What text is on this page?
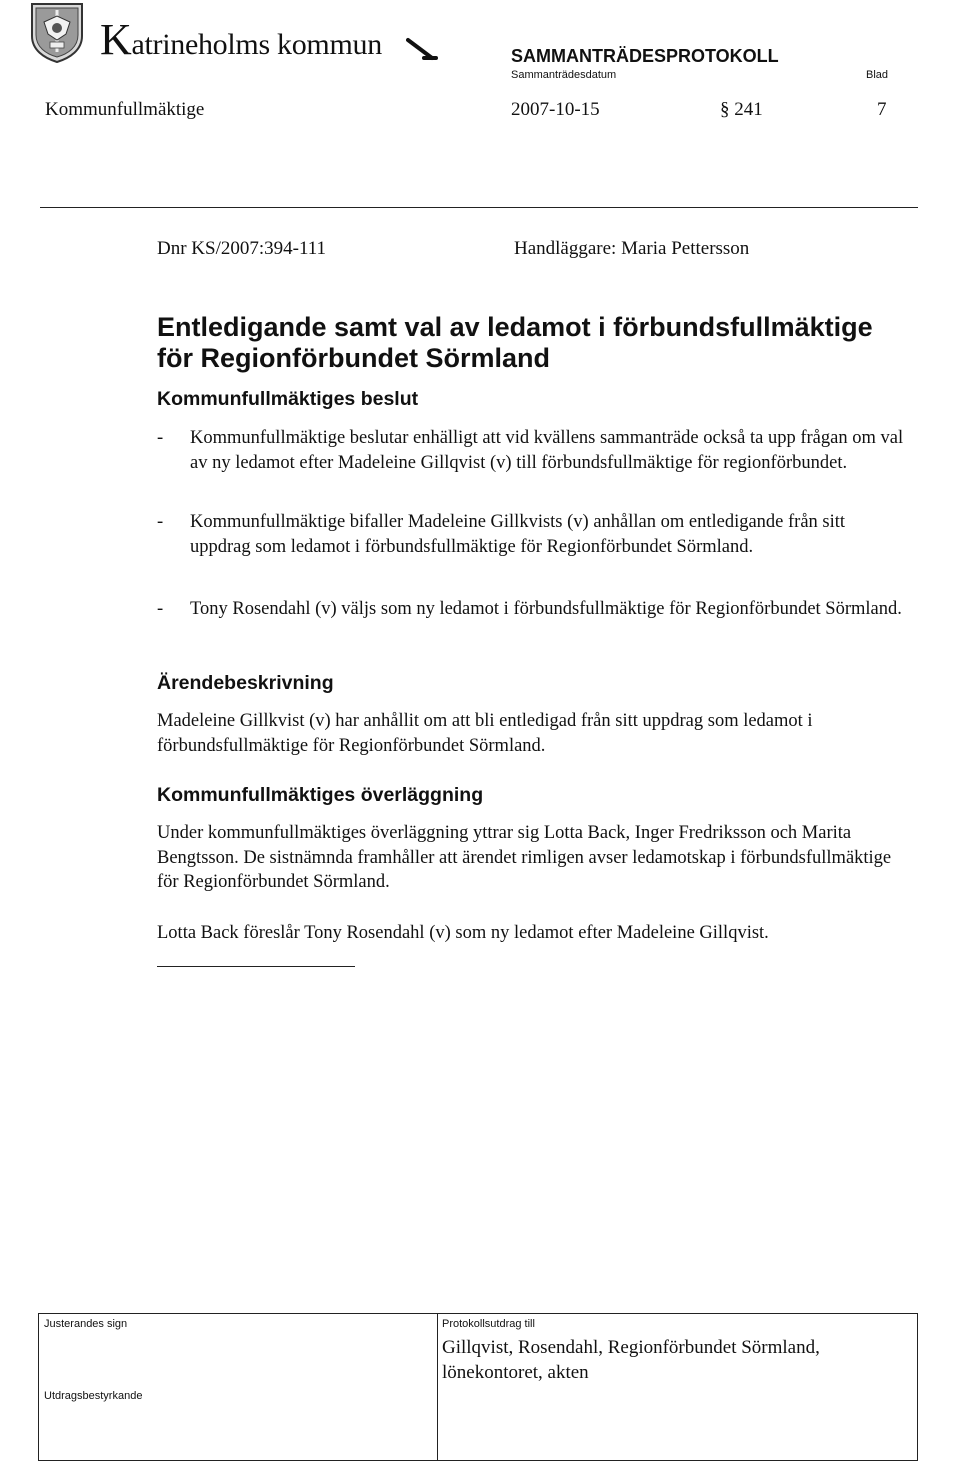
Katrineholms kommun	SAMMANTRÄDESPROTOKOLL
Sammanträdesdatum	Blad
Kommunfullmäktige	2007-10-15	§ 241	7
Dnr KS/2007:394-111	Handläggare: Maria Pettersson
Entledigande samt val av ledamot i förbundsfullmäktige
för Regionförbundet Sörmland
Kommunfullmäktiges beslut
- Kommunfullmäktige beslutar enhälligt att vid kvällens sammanträde också ta upp frågan om val av ny ledamot efter Madeleine Gillqvist (v) till förbundsfullmäktige för regionförbundet.
- Kommunfullmäktige bifaller Madeleine Gillkvists (v) anhållan om entledigande från sitt uppdrag som ledamot i förbundsfullmäktige för Regionförbundet Sörmland.
- Tony Rosendahl (v) väljs som ny ledamot i förbundsfullmäktige för Regionförbundet Sörmland.
Ärendebeskrivning
Madeleine Gillkvist (v) har anhållit om att bli entledigad från sitt uppdrag som ledamot i förbundsfullmäktige för Regionförbundet Sörmland.
Kommunfullmäktiges överläggning
Under kommunfullmäktiges överläggning yttrar sig Lotta Back, Inger Fredriksson och Marita Bengtsson. De sistnämnda framhåller att ärendet rimligen avser ledamotskap i förbundsfullmäktige för Regionförbundet Sörmland.
Lotta Back föreslår Tony Rosendahl (v) som ny ledamot efter Madeleine Gillqvist.
Justerandes sign
Utdragsbestyrkande
Protokollsutdrag till
Gillqvist, Rosendahl, Regionförbundet Sörmland, lönekontoret, akten
